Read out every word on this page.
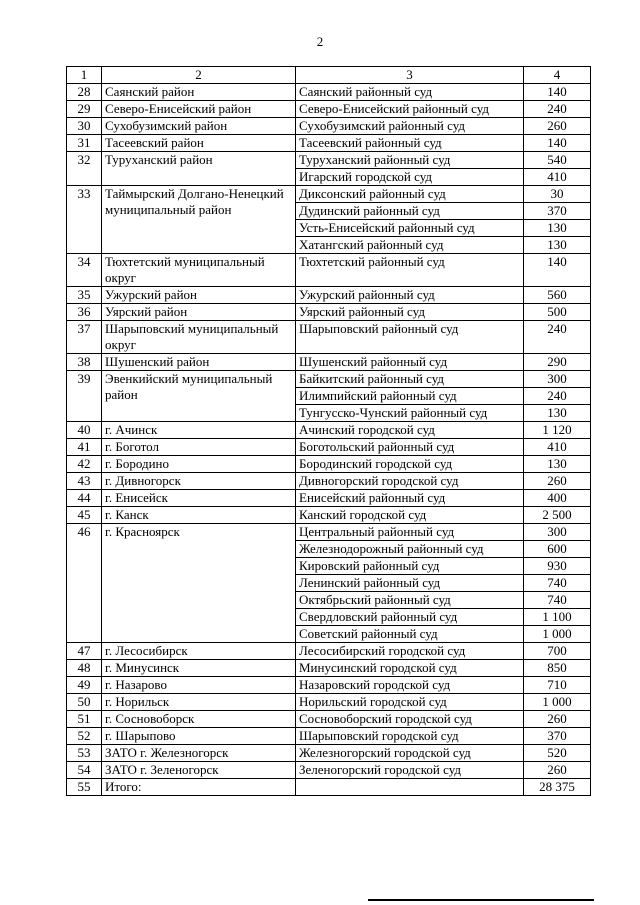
2
1	2	3	4
28	Саянский район	Саянский районный суд	140
29	Северо-Енисейский район	Северо-Енисейский районный суд	240
30	Сухобузимский район	Сухобузимский районный суд	260
31	Тасеевский район	Тасеевский районный суд	140
32	Туруханский район	Туруханский районный суд	540
		Игарский городской суд	410
33	Таймырский Долгано-Ненецкий муниципальный район	Диксонский районный суд	30
		Дудинский районный суд	370
		Усть-Енисейский районный суд	130
		Хатангский районный суд	130
34	Тюхтетский муниципальный округ	Тюхтетский районный суд	140
35	Ужурский район	Ужурский районный суд	560
36	Уярский район	Уярский районный суд	500
37	Шарыповский муниципальный округ	Шарыповский районный суд	240
38	Шушенский район	Шушенский районный суд	290
39	Эвенкийский муниципальный район	Байкитский районный суд	300
		Илимпийский районный суд	240
		Тунгусско-Чунский районный суд	130
40	г. Ачинск	Ачинский городской суд	1 120
41	г. Боготол	Боготольский районный суд	410
42	г. Бородино	Бородинский городской суд	130
43	г. Дивногорск	Дивногорский городской суд	260
44	г. Енисейск	Енисейский районный суд	400
45	г. Канск	Канский городской суд	2 500
46	г. Красноярск	Центральный районный суд	300
		Железнодорожный районный суд	600
		Кировский районный суд	930
		Ленинский районный суд	740
		Октябрьский районный суд	740
		Свердловский районный суд	1 100
		Советский районный суд	1 000
47	г. Лесосибирск	Лесосибирский городской суд	700
48	г. Минусинск	Минусинский городской суд	850
49	г. Назарово	Назаровский городской суд	710
50	г. Норильск	Норильский городской суд	1 000
51	г. Сосновоборск	Сосновоборский городской суд	260
52	г. Шарыпово	Шарыповский городской суд	370
53	ЗАТО г. Железногорск	Железногорский городской суд	520
54	ЗАТО г. Зеленогорск	Зеленогорский городской суд	260
55	Итого:		28 375
